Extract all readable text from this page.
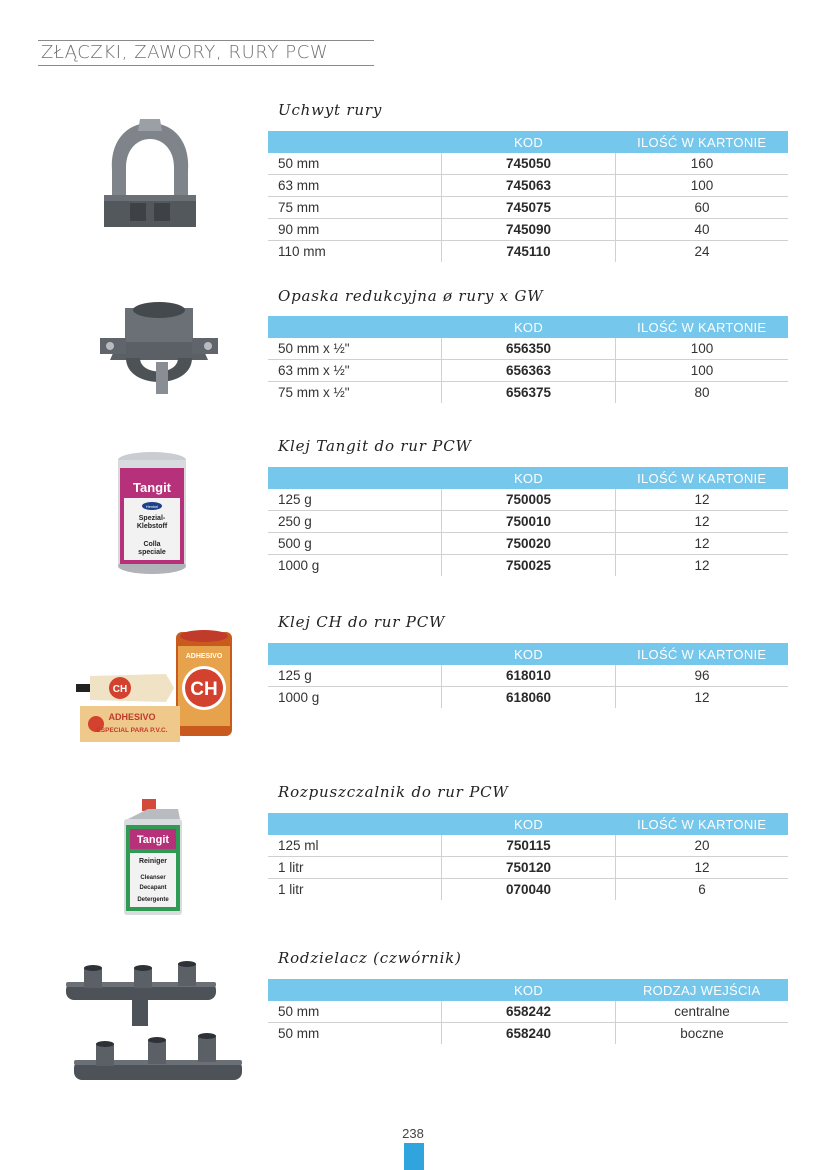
ZŁĄCZKI, ZAWORY, RURY PCW
Uchwyt rury
	KOD	ILOŚĆ W KARTONIE
50 mm	745050	160
63 mm	745063	100
75 mm	745075	60
90 mm	745090	40
110 mm	745110	24
Opaska redukcyjna ø rury x GW
	KOD	ILOŚĆ W KARTONIE
50 mm x ½"	656350	100
63 mm x ½"	656363	100
75 mm x ½"	656375	80
Klej Tangit do rur PCW
Tangit
Henkel
Spezial-
Klebstoff
Colla
speciale
	KOD	ILOŚĆ W KARTONIE
125 g	750005	12
250 g	750010	12
500 g	750020	12
1000 g	750025	12
Klej CH do rur PCW
ADHESIVO
CH
CH
ADHESIVO
ESPECIAL PARA P.V.C.
	KOD	ILOŚĆ W KARTONIE
125 g	618010	96
1000 g	618060	12
Rozpuszczalnik do rur PCW
Tangit
Reiniger
Cleanser
Decapant
Detergente
	KOD	ILOŚĆ W KARTONIE
125 ml	750115	20
1 litr	750120	12
1 litr	070040	6
Rodzielacz (czwórnik)
	KOD	RODZAJ WEJŚCIA
50 mm	658242	centralne
50 mm	658240	boczne
238
